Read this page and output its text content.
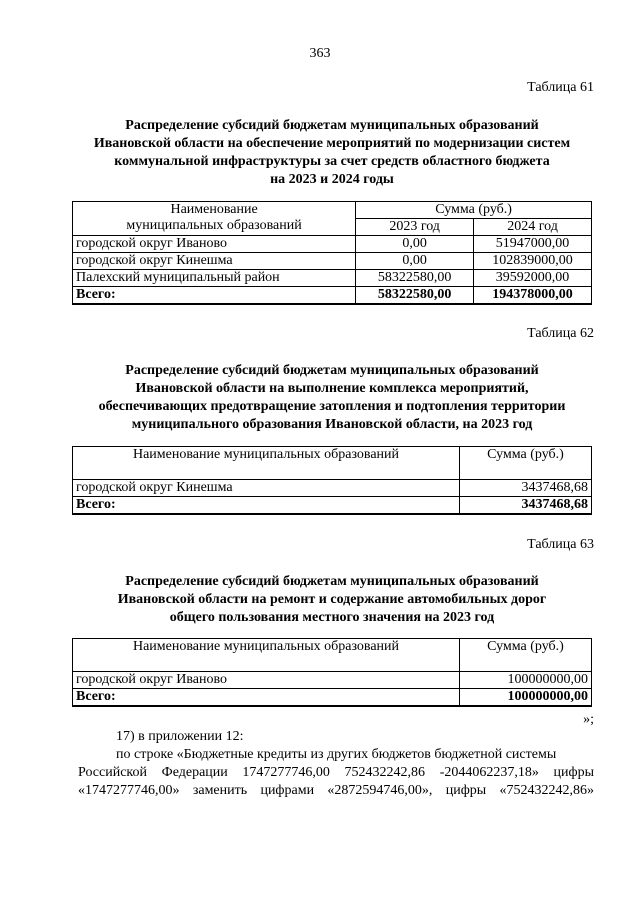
363
Таблица 61
Распределение субсидий бюджетам муниципальных образований
Ивановской области на обеспечение мероприятий по модернизации систем
коммунальной инфраструктуры за счет средств областного бюджета
на 2023 и 2024 годы
Наименование
муниципальных образований	Сумма (руб.)	
	2023 год	2024 год
городской округ Иваново	0,00	51947000,00
городской округ Кинешма	0,00	102839000,00
Палехский муниципальный район	58322580,00	39592000,00
Всего:	58322580,00	194378000,00
Таблица 62
Распределение субсидий бюджетам муниципальных образований
Ивановской области на выполнение комплекса мероприятий,
обеспечивающих предотвращение затопления и подтопления территории
муниципального образования Ивановской области, на 2023 год
Наименование муниципальных образований	Сумма (руб.)
городской округ Кинешма	3437468,68
Всего:	3437468,68
Таблица 63
Распределение субсидий бюджетам муниципальных образований
Ивановской области на ремонт и содержание автомобильных дорог
общего пользования местного значения на 2023 год
Наименование муниципальных образований	Сумма (руб.)
городской округ Иваново	100000000,00
Всего:	100000000,00
»;
17) в приложении 12:
по строке «Бюджетные кредиты из других бюджетов бюджетной системы
Российской Федерации 1747277746,00 752432242,86 -2044062237,18» цифры
«1747277746,00» заменить цифрами «2872594746,00», цифры «752432242,86»
